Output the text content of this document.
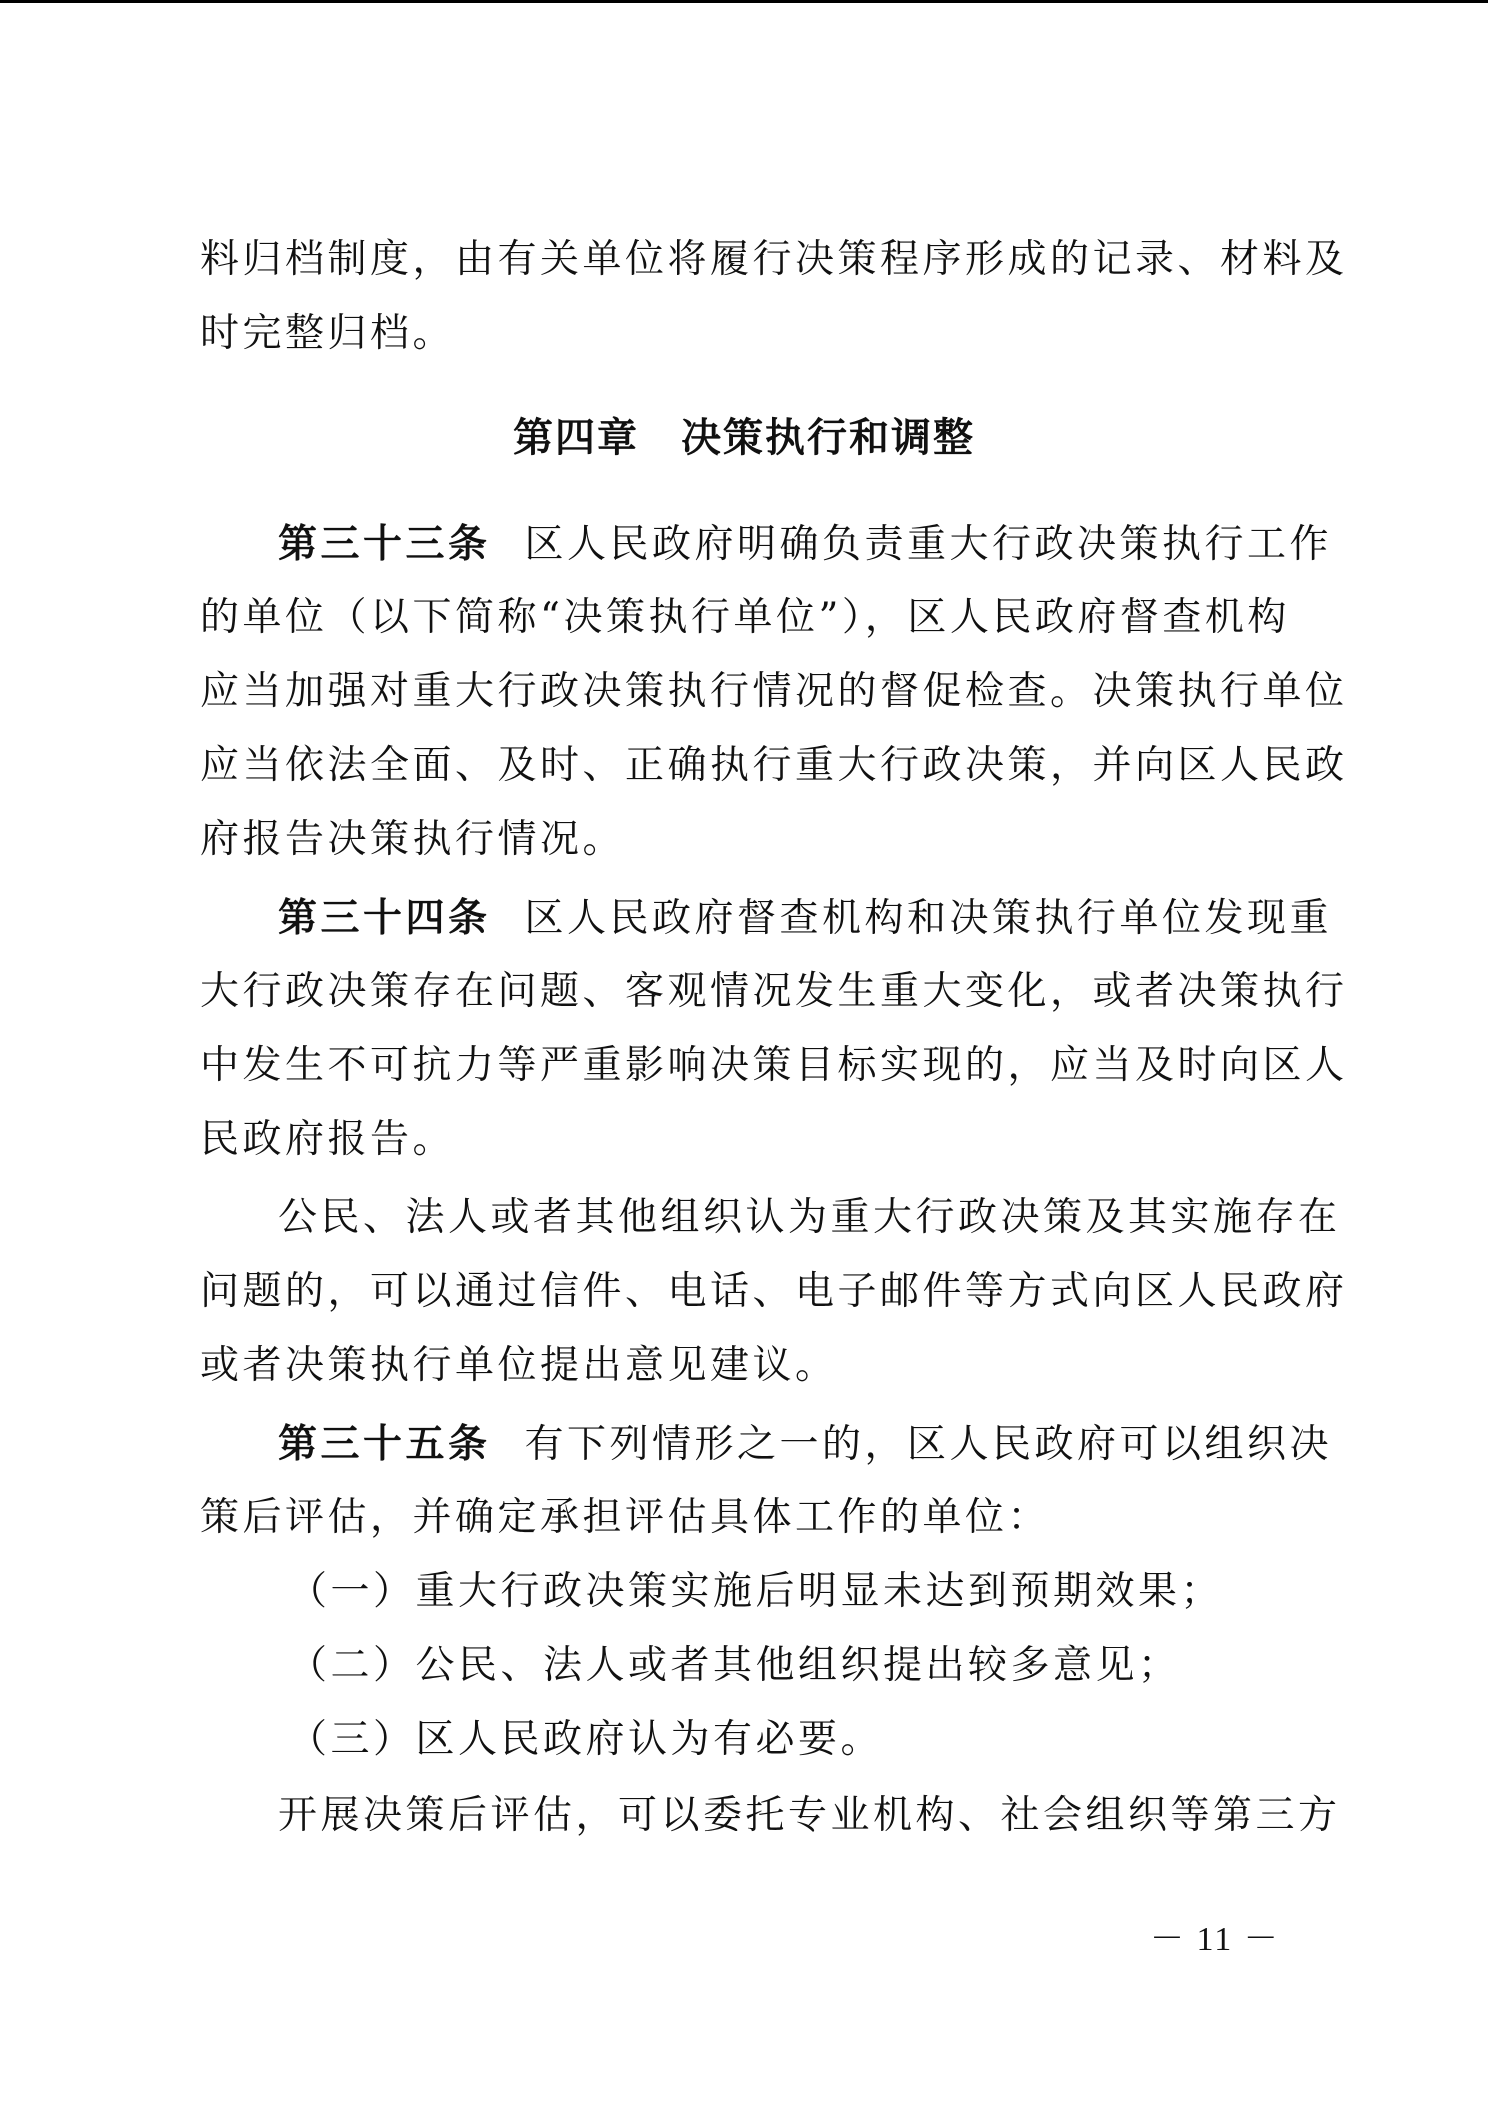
料归档制度，由有关单位将履行决策程序形成的记录、材料及
时完整归档。
第四章　决策执行和调整
第三十三条 区人民政府明确负责重大行政决策执行工作
的单位（以下简称“决策执行单位”），区人民政府督查机构
应当加强对重大行政决策执行情况的督促检查。决策执行单位
应当依法全面、及时、正确执行重大行政决策，并向区人民政
府报告决策执行情况。
第三十四条 区人民政府督查机构和决策执行单位发现重
大行政决策存在问题、客观情况发生重大变化，或者决策执行
中发生不可抗力等严重影响决策目标实现的，应当及时向区人
民政府报告。
公民、法人或者其他组织认为重大行政决策及其实施存在
问题的，可以通过信件、电话、电子邮件等方式向区人民政府
或者决策执行单位提出意见建议。
第三十五条 有下列情形之一的，区人民政府可以组织决
策后评估，并确定承担评估具体工作的单位：
（一）重大行政决策实施后明显未达到预期效果；
（二）公民、法人或者其他组织提出较多意见；
（三）区人民政府认为有必要。
开展决策后评估，可以委托专业机构、社会组织等第三方
－ 11 －
